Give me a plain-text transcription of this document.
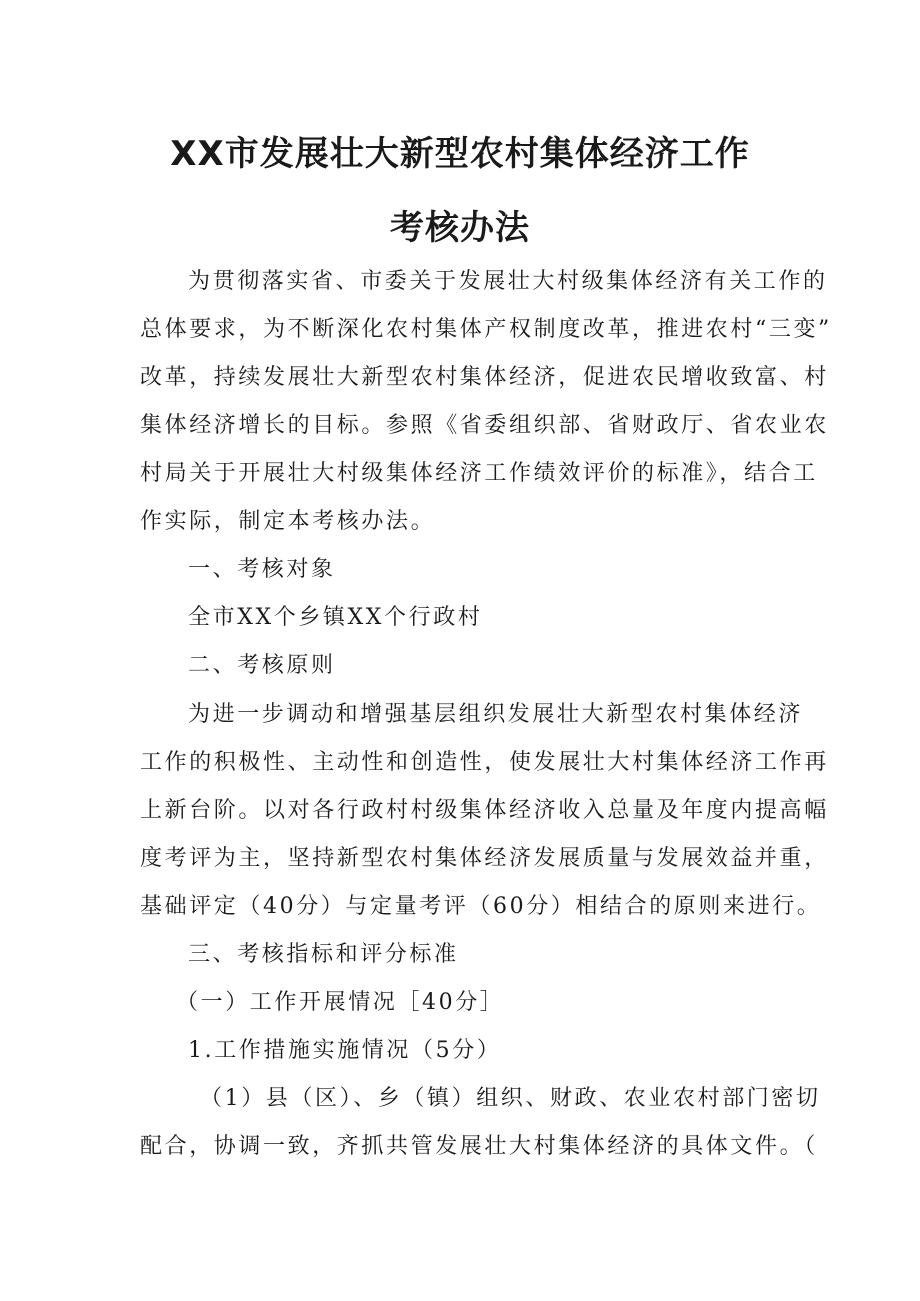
XX市发展壮大新型农村集体经济工作
考核办法
为贯彻落实省、市委关于发展壮大村级集体经济有关工作的
总体要求，为不断深化农村集体产权制度改革，推进农村“三变”
改革，持续发展壮大新型农村集体经济，促进农民增收致富、村
集体经济增长的目标。参照《省委组织部、省财政厅、省农业农
村局关于开展壮大村级集体经济工作绩效评价的标准》，结合工
作实际，制定本考核办法。
一、考核对象
全市XX个乡镇XX个行政村
二、考核原则
为进一步调动和增强基层组织发展壮大新型农村集体经济
工作的积极性、主动性和创造性，使发展壮大村集体经济工作再
上新台阶。以对各行政村村级集体经济收入总量及年度内提高幅
度考评为主，坚持新型农村集体经济发展质量与发展效益并重，
基础评定（40分）与定量考评（60分）相结合的原则来进行。
三、考核指标和评分标准
（一）工作开展情况［40分］
1.工作措施实施情况（5分）
（1）县（区）、乡（镇）组织、财政、农业农村部门密切
配合，协调一致，齐抓共管发展壮大村集体经济的具体文件。（
